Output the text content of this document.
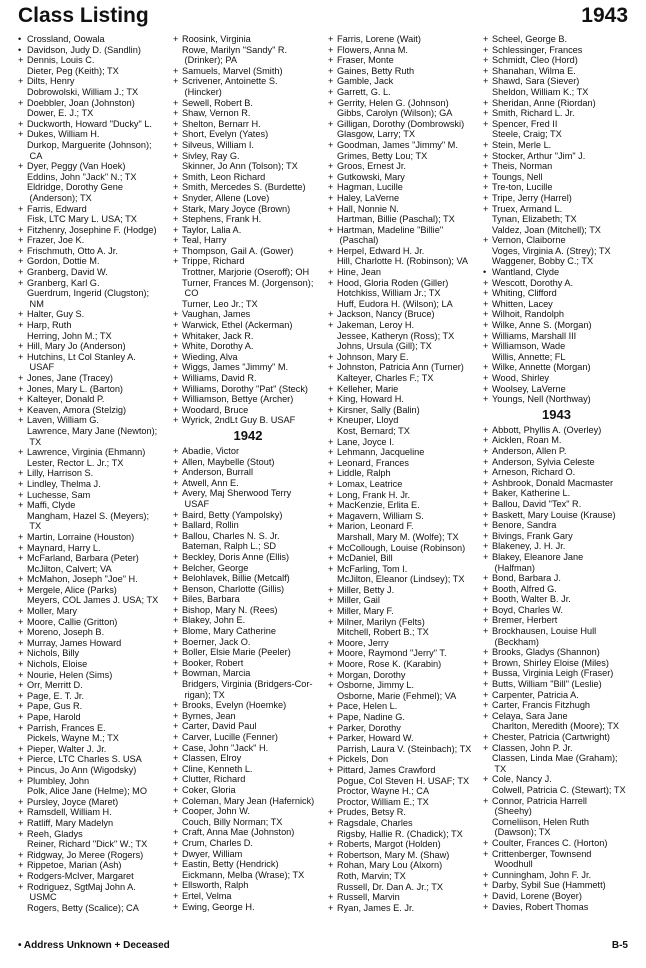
Class Listing	1943
• Crossland, Oowala
• Davidson, Judy D. (Sandlin)
+ Dennis, Louis C.
Dieter, Peg (Keith); TX
+ Dilts, Henry
Dobrowolski, William J.; TX
+ Doebbler, Joan (Johnston)
Dower, E. J.; TX
+ Duckworth, Howard "Ducky" L.
+ Dukes, William H.
Durkop, Marguerite (Johnson);
CA
+ Dyer, Peggy (Van Hoek)
Eddins, John "Jack" N.; TX
Eldridge, Dorothy Gene
(Anderson); TX
+ Farris, Edward
Fisk, LTC Mary L. USA; TX
+ Fitzhenry, Josephine F. (Hodge)
+ Frazer, Joe K.
+ Frischmuth, Otto A. Jr.
+ Gordon, Dottie M.
+ Granberg, David W.
+ Granberg, Karl G.
Guerdrum, Ingerid (Clugston);
NM
+ Halter, Guy S.
+ Harp, Ruth
Herring, John M.; TX
+ Hill, Mary Jo (Anderson)
+ Hutchins, Lt Col Stanley A.
USAF
+ Jones, Jane (Tracey)
+ Jones, Mary L. (Barton)
+ Kalteyer, Donald P.
+ Keaven, Amora (Stelzig)
+ Laven, William G.
Lawrence, Mary Jane (Newton);
TX
+ Lawrence, Virginia (Ehmann)
Lester, Rector L. Jr.; TX
+ Lilly, Harrison S.
+ Lindley, Thelma J.
+ Luchesse, Sam
+ Maffi, Clyde
Mangham, Hazel S. (Meyers);
TX
+ Martin, Lorraine (Houston)
+ Maynard, Harry L.
+ McFarland, Barbara (Peter)
McJilton, Calvert; VA
+ McMahon, Joseph "Joe" H.
+ Mergele, Alice (Parks)
Meyers, COL James J. USA; TX
+ Moller, Mary
+ Moore, Callie (Gritton)
+ Moreno, Joseph B.
+ Murray, James Howard
+ Nichols, Billy
+ Nichols, Eloise
+ Nourie, Helen (Sims)
+ Orr, Merritt D.
+ Page, E. T. Jr.
+ Pape, Gus R.
+ Pape, Harold
+ Parrish, Frances E.
Pickels, Wayne M.; TX
+ Pieper, Walter J. Jr.
+ Pierce, LTC Charles S. USA
+ Pincus, Jo Ann (Wigodsky)
+ Plumbley, John
Polk, Alice Jane (Helme); MO
+ Pursley, Joyce (Maret)
+ Ramsdell, William H.
+ Ratliff, Mary Madelyn
+ Reeh, Gladys
Reiner, Richard "Dick" W.; TX
+ Ridgway, Jo Meree (Rogers)
+ Rippetoe, Marian (Ash)
+ Rodgers-McIver, Margaret
+ Rodriguez, SgtMaj John A.
USMC
Rogers, Betty (Scalice); CA
+ Roosink, Virginia
Rowe, Marilyn "Sandy" R.
(Drinker); PA
+ Samuels, Marvel (Smith)
+ Scrivener, Antoinette S.
(Hincker)
+ Sewell, Robert B.
+ Shaw, Vernon R.
+ Shelton, Bernarr H.
+ Short, Evelyn (Yates)
+ Silveus, William I.
+ Sivley, Ray G.
Skinner, Jo Ann (Tolson); TX
+ Smith, Leon Richard
+ Smith, Mercedes S. (Burdette)
+ Snyder, Allene (Love)
+ Stark, Mary Joyce (Brown)
+ Stephens, Frank H.
+ Taylor, Lalia A.
+ Teal, Harry
+ Thompson, Gail A. (Gower)
+ Trippe, Richard
Trottner, Marjorie (Oseroff); OH
Turner, Frances M. (Jorgenson);
CO
Turner, Leo Jr.; TX
+ Vaughan, James
+ Warwick, Ethel (Ackerman)
+ Whitaker, Jack R.
+ White, Dorothy A.
+ Wieding, Alva
+ Wiggs, James "Jimmy" M.
+ Williams, David R.
+ Williams, Dorothy "Pat" (Steck)
+ Williamson, Bettye (Archer)
+ Woodard, Bruce
+ Wyrick, 2ndLt Guy B. USAF
1942
+ Abadie, Victor
+ Allen, Maybelle (Stout)
+ Anderson, Burrall
+ Atwell, Ann E.
+ Avery, Maj Sherwood Terry
USAF
+ Baird, Betty (Yampolsky)
+ Ballard, Rollin
+ Ballou, Charles N. S. Jr.
Bateman, Ralph L.; SD
+ Beckley, Doris Anne (Ellis)
+ Belcher, George
+ Belohlavek, Billie (Metcalf)
+ Benson, Charlotte (Gillis)
+ Biles, Barbara
+ Bishop, Mary N. (Rees)
+ Blakey, John E.
+ Blome, Mary Catherine
+ Boerner, Jack O.
+ Boller, Elsie Marie (Peeler)
+ Booker, Robert
+ Bowman, Marcia
Bridgers, Virginia (Bridgers-Cor-
rigan); TX
+ Brooks, Evelyn (Hoemke)
+ Byrnes, Jean
+ Carter, David Paul
+ Carver, Lucille (Fenner)
+ Case, John "Jack" H.
+ Classen, Elroy
+ Cline, Kenneth L.
+ Clutter, Richard
+ Coker, Gloria
+ Coleman, Mary Jean (Hafernick)
+ Cooper, John W.
Couch, Billy Norman; TX
+ Craft, Anna Mae (Johnston)
+ Crum, Charles D.
+ Dwyer, William
+ Eastin, Betty (Hendrick)
Eickmann, Melba (Wrase); TX
+ Ellsworth, Ralph
+ Ertel, Velma
+ Ewing, George H.
+ Farris, Lorene (Wait)
+ Flowers, Anna M.
+ Fraser, Monte
+ Gaines, Betty Ruth
+ Gamble, Jack
+ Garrett, G. L.
+ Gerrity, Helen G. (Johnson)
Gibbs, Carolyn (Wilson); GA
+ Gilligan, Dorothy (Dombrowski)
Glasgow, Larry; TX
+ Goodman, James "Jimmy" M.
Grimes, Betty Lou; TX
+ Groos, Ernest Jr.
+ Gutkowski, Mary
+ Hagman, Lucille
+ Haley, LaVerne
+ Hall, Nonnie N.
Hartman, Billie (Paschal); TX
+ Hartman, Madeline "Billie"
(Paschal)
+ Herpel, Edward H. Jr.
Hill, Charlotte H. (Robinson); VA
+ Hine, Jean
+ Hood, Gloria Roden (Giller)
Hotchkiss, William Jr.; TX
Huff, Eudora H. (Wilson); LA
+ Jackson, Nancy (Bruce)
+ Jakeman, Leroy H.
Jessee, Katheryn (Ross); TX
Johns, Ursula (Gill); TX
+ Johnson, Mary E.
+ Johnston, Patricia Ann (Turner)
Kalteyer, Charles F.; TX
+ Kelleher, Marie
+ King, Howard H.
+ Kirsner, Sally (Balin)
+ Kneuper, Lloyd
Kost, Bernard; TX
+ Lane, Joyce I.
+ Lehmann, Jacqueline
+ Leonard, Frances
+ Liddle, Ralph
+ Lomax, Leatrice
+ Long, Frank H. Jr.
+ MacKenzie, Erlita E.
+ Magavern, William S.
+ Marion, Leonard F.
Marshall, Mary M. (Wolfe); TX
+ McCollough, Louise (Robinson)
+ McDaniel, Bill
+ McFarling, Tom I.
McJilton, Eleanor (Lindsey); TX
+ Miller, Betty J.
+ Miller, Gail
+ Miller, Mary F.
+ Milner, Marilyn (Felts)
Mitchell, Robert B.; TX
+ Moore, Jerry
+ Moore, Raymond "Jerry" T.
+ Moore, Rose K. (Karabin)
+ Morgan, Dorothy
+ Osborne, Jimmy L.
Osborne, Marie (Fehmel); VA
+ Pace, Helen L.
+ Pape, Nadine G.
+ Parker, Dorothy
+ Parker, Howard W.
Parrish, Laura V. (Steinbach); TX
+ Pickels, Don
+ Pittard, James Crawford
Pogue, Col Steven H. USAF; TX
Proctor, Wayne H.; CA
Proctor, William E.; TX
+ Prudes, Betsy R.
+ Ragsdale, Charles
Rigsby, Hallie R. (Chadick); TX
+ Roberts, Margot (Holden)
+ Robertson, Mary M. (Shaw)
+ Rohan, Mary Lou (Alxorn)
Roth, Marvin; TX
Russell, Dr. Dan A. Jr.; TX
+ Russell, Marvin
+ Ryan, James E. Jr.
+ Scheel, George B.
+ Schlessinger, Frances
+ Schmidt, Cleo (Hord)
+ Shanahan, Wilma E.
+ Shawd, Sara (Siever)
Sheldon, William K.; TX
+ Sheridan, Anne (Riordan)
+ Smith, Richard L. Jr.
+ Spencer, Fred II
Steele, Craig; TX
+ Stein, Merle L.
+ Stocker, Arthur "Jim" J.
+ Theis, Norman
+ Toungs, Nell
+ Tre-ton, Lucille
+ Tripe, Jerry (Harrel)
+ Truex, Armand L.
Tynan, Elizabeth; TX
Valdez, Joan (Mitchell); TX
+ Vernon, Claiborne
Voges, Virginia A. (Strey); TX
Waggener, Bobby C.; TX
• Wantland, Clyde
+ Wescott, Dorothy A.
+ Whiting, Clifford
+ Whitten, Lacey
+ Wilhoit, Randolph
+ Wilke, Anne S. (Morgan)
+ Williams, Marshall III
+ Williamson, Wade
Willis, Annette; FL
+ Wilke, Annette (Morgan)
+ Wood, Shirley
+ Woolsey, LaVerne
+ Youngs, Nell (Northway)
1943
+ Abbott, Phyllis A. (Overley)
+ Aicklen, Roan M.
+ Anderson, Allen P.
+ Anderson, Sylvia Celeste
+ Arneson, Richard O.
+ Ashbrook, Donald Macmaster
+ Baker, Katherine L.
+ Ballou, David "Tex" R.
+ Baskett, Mary Louise (Krause)
+ Benore, Sandra
+ Bivings, Frank Gary
+ Blakeney, J. H. Jr.
+ Blakey, Eleanore Jane
(Halfman)
+ Bond, Barbara J.
+ Booth, Alfred G.
+ Booth, Walter B. Jr.
+ Boyd, Charles W.
+ Bremer, Herbert
+ Brockhausen, Louise Hull
(Beckham)
+ Brooks, Gladys (Shannon)
+ Brown, Shirley Eloise (Miles)
+ Bussa, Virginia Leigh (Fraser)
+ Butts, William "Bill" (Leslie)
+ Carpenter, Patricia A.
+ Carter, Francis Fitzhugh
+ Celaya, Sara Jane
Charlton, Meredith (Moore); TX
+ Chester, Patricia (Cartwright)
+ Classen, John P. Jr.
Classen, Linda Mae (Graham);
TX
+ Cole, Nancy J.
Colwell, Patricia C. (Stewart); TX
+ Connor, Patricia Harrell
(Sheehy)
Corneliison, Helen Ruth
(Dawson); TX
+ Coulter, Frances C. (Horton)
+ Crittenberger, Townsend
Woodhull
+ Cunningham, John F. Jr.
+ Darby, Sybil Sue (Hammett)
+ David, Lorene (Boyer)
+ Davies, Robert Thomas
• Address Unknown + Deceased	B-5
